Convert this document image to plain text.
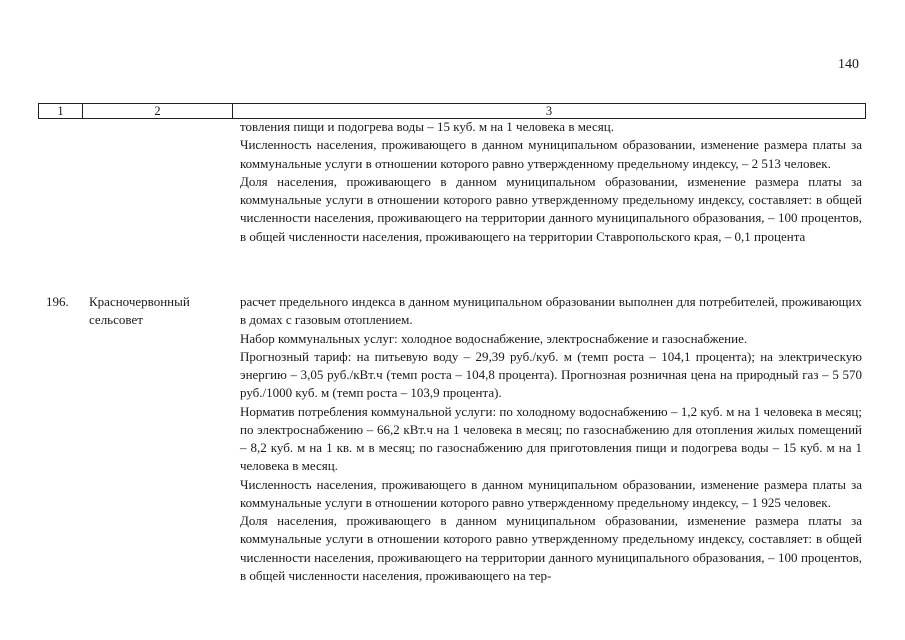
140
1	2	3

товления пищи и подогрева воды – 15 куб. м на 1 человека в месяц.

Численность населения, проживающего в данном муниципальном образовании, изменение размера платы за коммунальные услуги в отношении которого равно утвержденному предельному индексу, – 2 513 человек.

Доля населения, проживающего в данном муниципальном образовании, изменение размера платы за коммунальные услуги в отношении которого равно утвержденному предельному индексу, составляет: в общей численности населения, проживающего на территории данного муниципального образования, – 100 процентов, в общей численности населения, проживающего на территории Ставропольского края, – 0,1 процента

196. Красночервонный сельсовет

расчет предельного индекса в данном муниципальном образовании выполнен для потребителей, проживающих в домах с газовым отоплением.

Набор коммунальных услуг: холодное водоснабжение, электроснабжение и газоснабжение.

Прогнозный тариф: на питьевую воду – 29,39 руб./куб. м (темп роста – 104,1 процента); на электрическую энергию – 3,05 руб./кВт.ч (темп роста – 104,8 процента). Прогнозная розничная цена на природный газ – 5 570 руб./1000 куб. м (темп роста – 103,9 процента).

Норматив потребления коммунальной услуги: по холодному водоснабжению – 1,2 куб. м на 1 человека в месяц; по электроснабжению – 66,2 кВт.ч на 1 человека в месяц; по газоснабжению для отопления жилых помещений – 8,2 куб. м на 1 кв. м в месяц; по газоснабжению для приготовления пищи и подогрева воды – 15 куб. м на 1 человека в месяц.

Численность населения, проживающего в данном муниципальном образовании, изменение размера платы за коммунальные услуги в отношении которого равно утвержденному предельному индексу, – 1 925 человек.

Доля населения, проживающего в данном муниципальном образовании, изменение размера платы за коммунальные услуги в отношении которого равно утвержденному предельному индексу, составляет: в общей численности населения, проживающего на территории данного муниципального образования, – 100 процентов, в общей численности населения, проживающего на тер-
